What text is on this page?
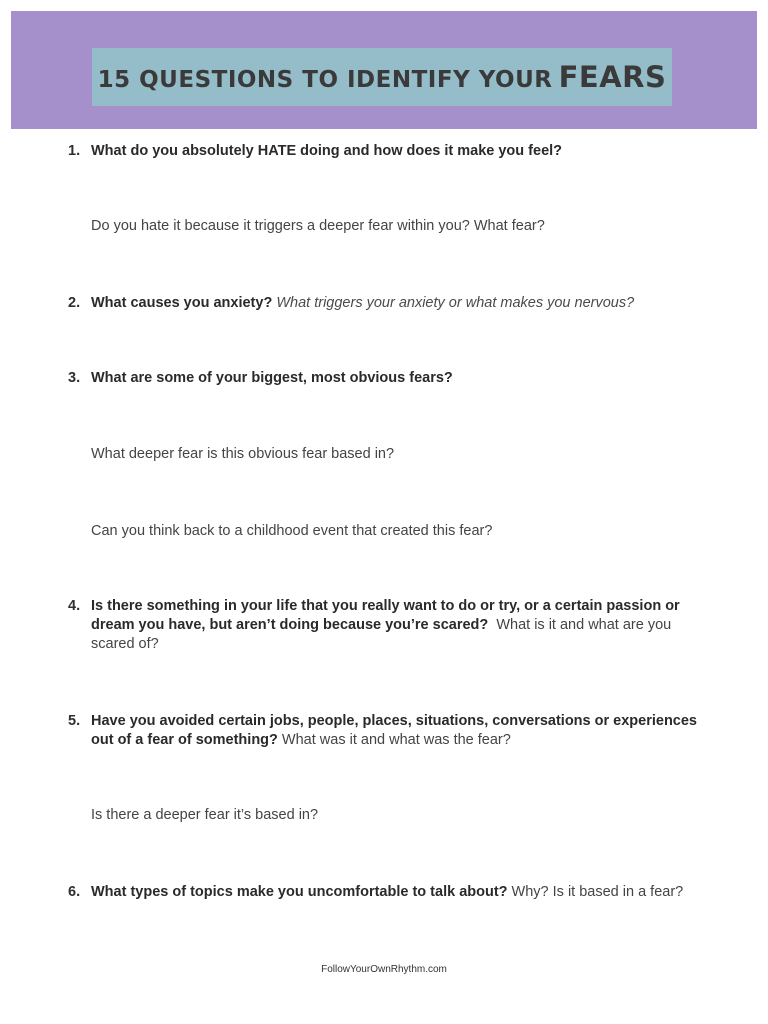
15 QUESTIONS TO IDENTIFY YOUR FEARS
1. What do you absolutely HATE doing and how does it make you feel?
Do you hate it because it triggers a deeper fear within you? What fear?
2. What causes you anxiety? What triggers your anxiety or what makes you nervous?
3. What are some of your biggest, most obvious fears?
What deeper fear is this obvious fear based in?
Can you think back to a childhood event that created this fear?
4. Is there something in your life that you really want to do or try, or a certain passion or dream you have, but aren’t doing because you’re scared? What is it and what are you scared of?
5. Have you avoided certain jobs, people, places, situations, conversations or experiences out of a fear of something? What was it and what was the fear?
Is there a deeper fear it’s based in?
6. What types of topics make you uncomfortable to talk about? Why? Is it based in a fear?
FollowYourOwnRhythm.com
